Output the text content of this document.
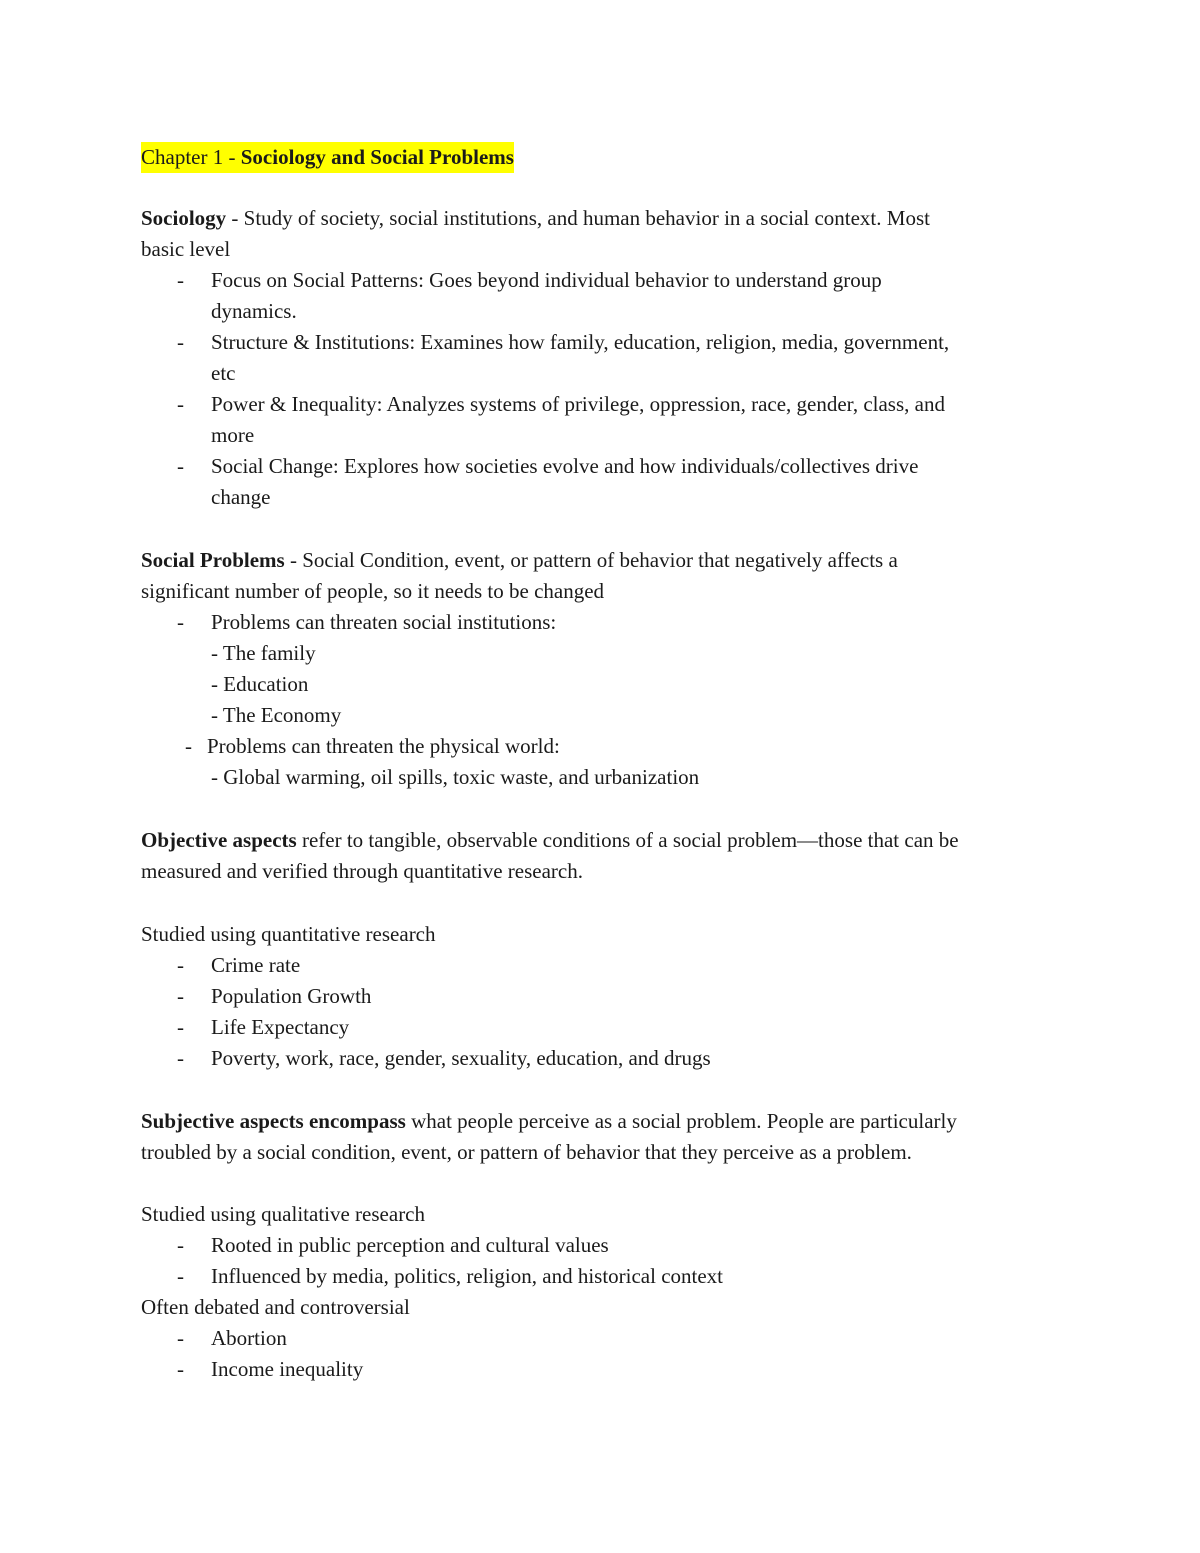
Chapter 1 - Sociology and Social Problems
Sociology - Study of society, social institutions, and human behavior in a social context. Most
basic level
- Focus on Social Patterns: Goes beyond individual behavior to understand group
dynamics.
- Structure & Institutions: Examines how family, education, religion, media, government,
etc
- Power & Inequality: Analyzes systems of privilege, oppression, race, gender, class, and
more
- Social Change: Explores how societies evolve and how individuals/collectives drive
change
Social Problems - Social Condition, event, or pattern of behavior that negatively affects a
significant number of people, so it needs to be changed
- Problems can threaten social institutions:
- The family
- Education
- The Economy
- Problems can threaten the physical world:
- Global warming, oil spills, toxic waste, and urbanization
Objective aspects refer to tangible, observable conditions of a social problem—those that can be
measured and verified through quantitative research.
Studied using quantitative research
- Crime rate
- Population Growth
- Life Expectancy
- Poverty, work, race, gender, sexuality, education, and drugs
Subjective aspects encompass what people perceive as a social problem. People are particularly
troubled by a social condition, event, or pattern of behavior that they perceive as a problem.
Studied using qualitative research
- Rooted in public perception and cultural values
- Influenced by media, politics, religion, and historical context
Often debated and controversial
- Abortion
- Income inequality
